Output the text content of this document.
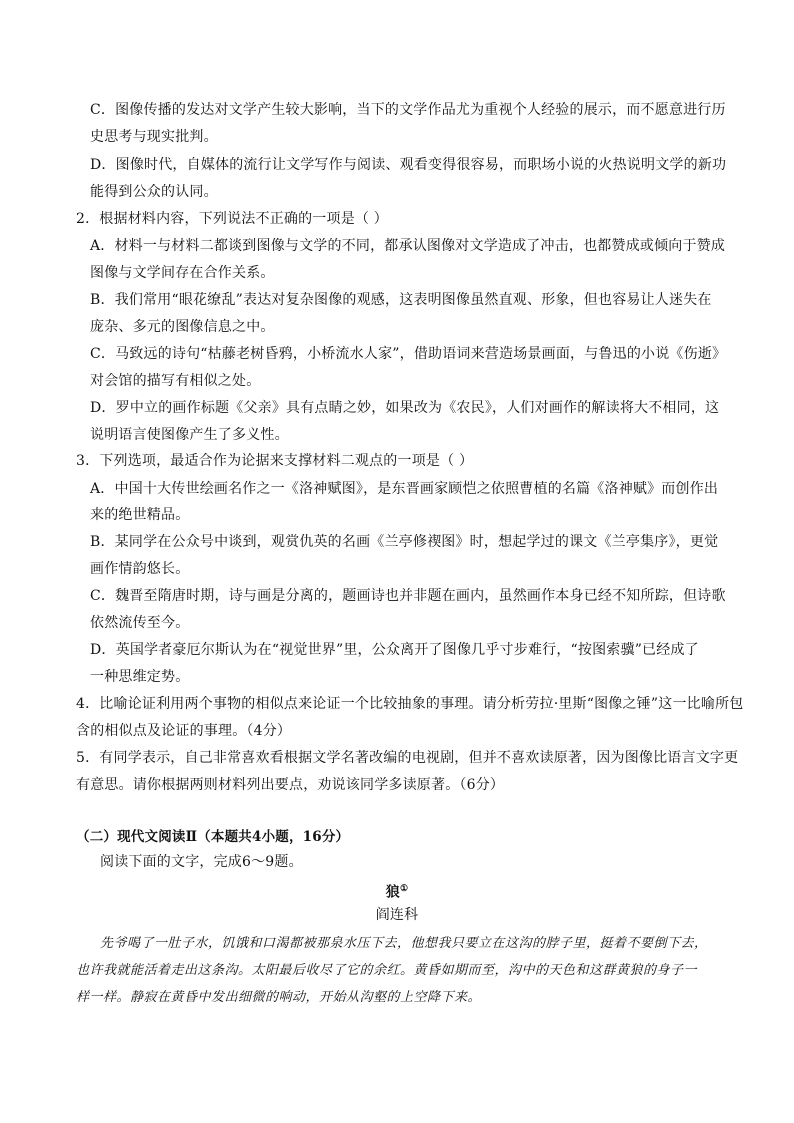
C．图像传播的发达对文学产生较大影响，当下的文学作品尤为重视个人经验的展示，而不愿意进行历
史思考与现实批判。
D．图像时代，自媒体的流行让文学写作与阅读、观看变得很容易，而职场小说的火热说明文学的新功
能得到公众的认同。
2．根据材料内容，下列说法不正确的一项是（ ）
A．材料一与材料二都谈到图像与文学的不同，都承认图像对文学造成了冲击，也都赞成或倾向于赞成
图像与文学间存在合作关系。
B．我们常用“眼花缭乱”表达对复杂图像的观感，这表明图像虽然直观、形象，但也容易让人迷失在
庞杂、多元的图像信息之中。
C．马致远的诗句“枯藤老树昏鸦，小桥流水人家”，借助语词来营造场景画面，与鲁迅的小说《伤逝》
对会馆的描写有相似之处。
D．罗中立的画作标题《父亲》具有点睛之妙，如果改为《农民》，人们对画作的解读将大不相同，这
说明语言使图像产生了多义性。
3．下列选项，最适合作为论据来支撑材料二观点的一项是（ ）
A．中国十大传世绘画名作之一《洛神赋图》，是东晋画家顾恺之依照曹植的名篇《洛神赋》而创作出
来的绝世精品。
B．某同学在公众号中谈到，观赏仇英的名画《兰亭修禊图》时，想起学过的课文《兰亭集序》，更觉
画作情韵悠长。
C．魏晋至隋唐时期，诗与画是分离的，题画诗也并非题在画内，虽然画作本身已经不知所踪，但诗歌
依然流传至今。
D．英国学者豪厄尔斯认为在“视觉世界”里，公众离开了图像几乎寸步难行，“按图索骥”已经成了
一种思维定势。
4．比喻论证利用两个事物的相似点来论证一个比较抽象的事理。请分析劳拉·里斯“图像之锤”这一比喻所包
含的相似点及论证的事理。（4分）
5．有同学表示，自己非常喜欢看根据文学名著改编的电视剧，但并不喜欢读原著，因为图像比语言文字更
有意思。请你根据两则材料列出要点，劝说该同学多读原著。（6分）
（二）现代文阅读Ⅱ（本题共4小题，16分）
阅读下面的文字，完成6～9题。
狼①
阎连科
先爷喝了一肚子水，饥饿和口渴都被那泉水压下去，他想我只要立在这沟的脖子里，挺着不要倒下去，
也许我就能活着走出这条沟。太阳最后收尽了它的余红。黄昏如期而至，沟中的天色和这群黄狼的身子一
样一样。静寂在黄昏中发出细微的响动，开始从沟壑的上空降下来。
